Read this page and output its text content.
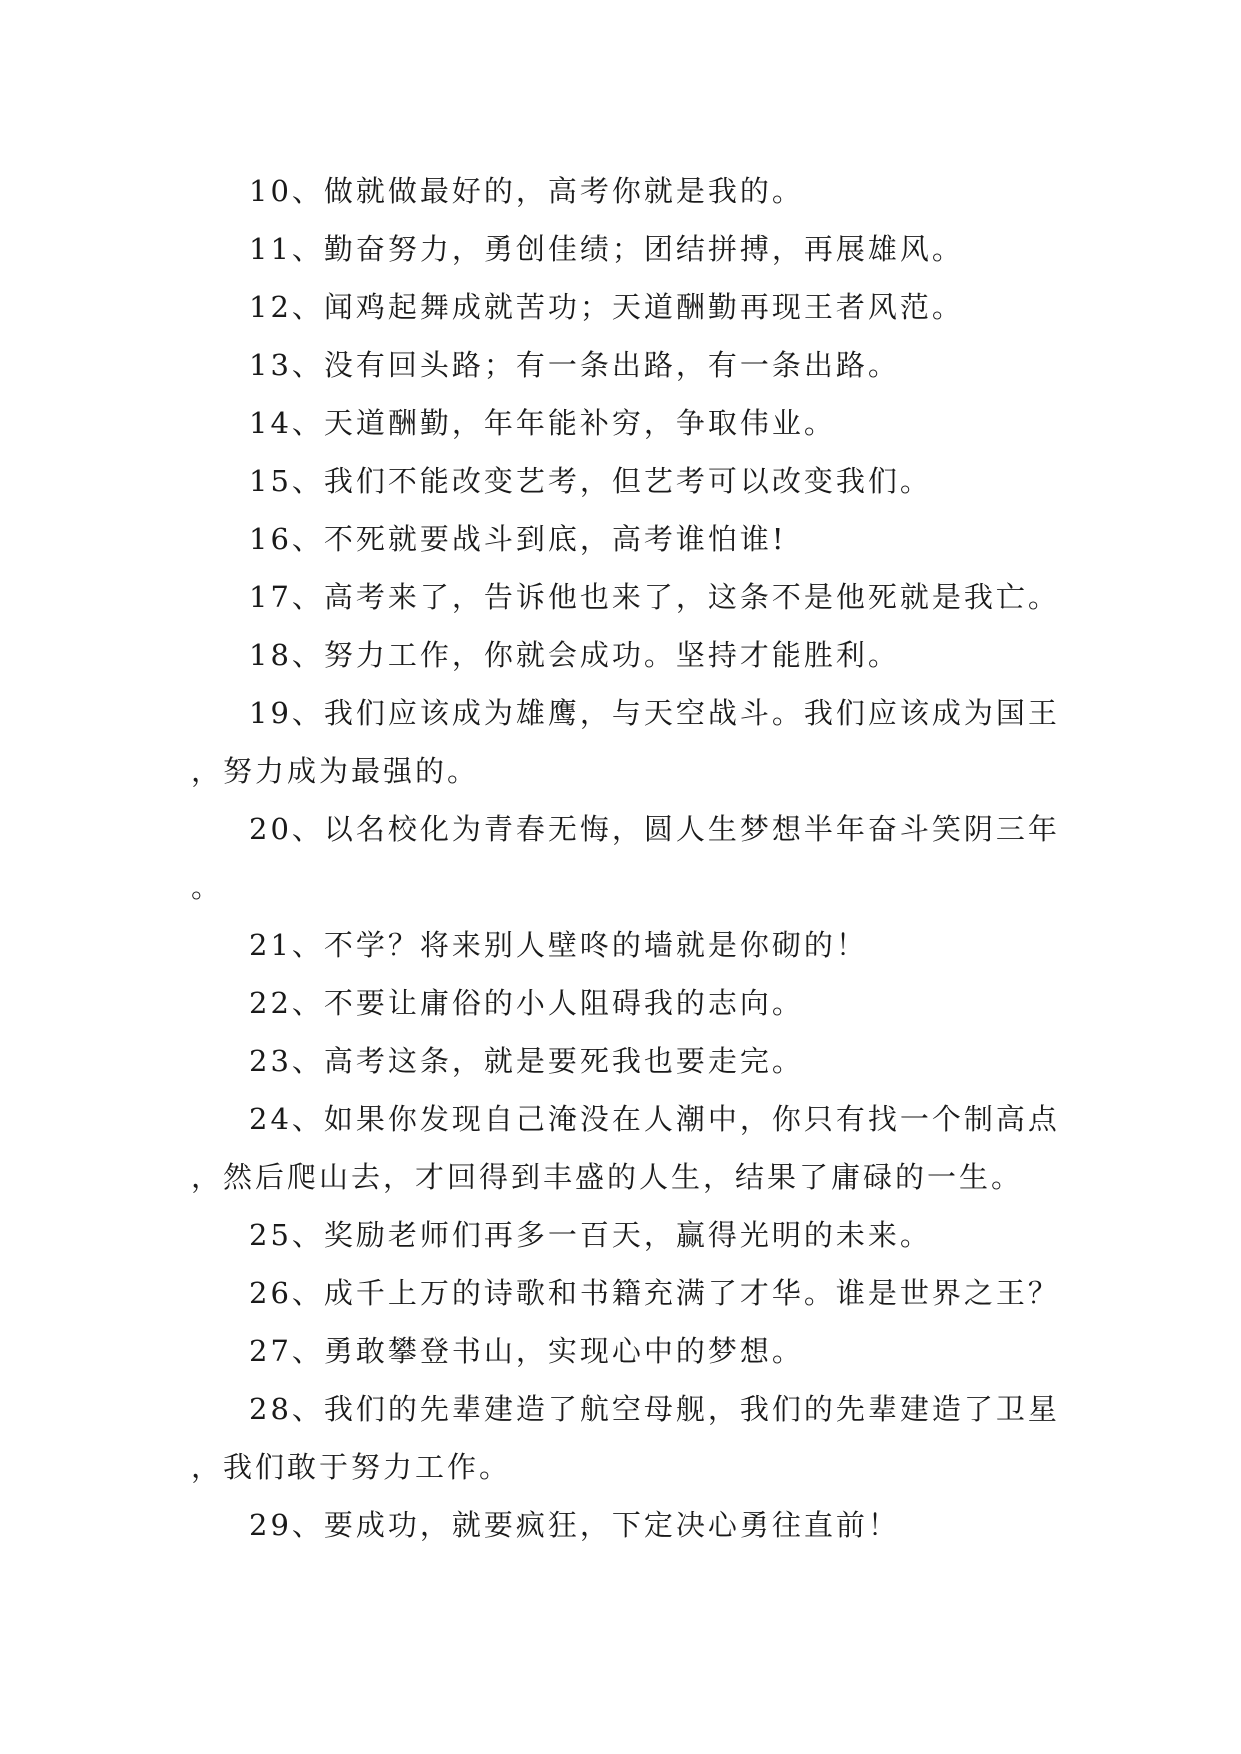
10、做就做最好的，高考你就是我的。

11、勤奋努力，勇创佳绩；团结拼搏，再展雄风。

12、闻鸡起舞成就苦功；天道酬勤再现王者风范。

13、没有回头路；有一条出路，有一条出路。

14、天道酬勤，年年能补穷，争取伟业。

15、我们不能改变艺考，但艺考可以改变我们。

16、不死就要战斗到底，高考谁怕谁!

17、高考来了，告诉他也来了，这条不是他死就是我亡。

18、努力工作，你就会成功。坚持才能胜利。

19、我们应该成为雄鹰，与天空战斗。我们应该成为国王，努力成为最强的。

20、以名校化为青春无悔，圆人生梦想半年奋斗笑阴三年。

21、不学？将来别人壁咚的墙就是你砌的！

22、不要让庸俗的小人阻碍我的志向。

23、高考这条，就是要死我也要走完。

24、如果你发现自己淹没在人潮中，你只有找一个制高点，然后爬山去，才回得到丰盛的人生，结果了庸碌的一生。

25、奖励老师们再多一百天，赢得光明的未来。

26、成千上万的诗歌和书籍充满了才华。谁是世界之王？

27、勇敢攀登书山，实现心中的梦想。

28、我们的先辈建造了航空母舰，我们的先辈建造了卫星，我们敢于努力工作。

29、要成功，就要疯狂，下定决心勇往直前！
